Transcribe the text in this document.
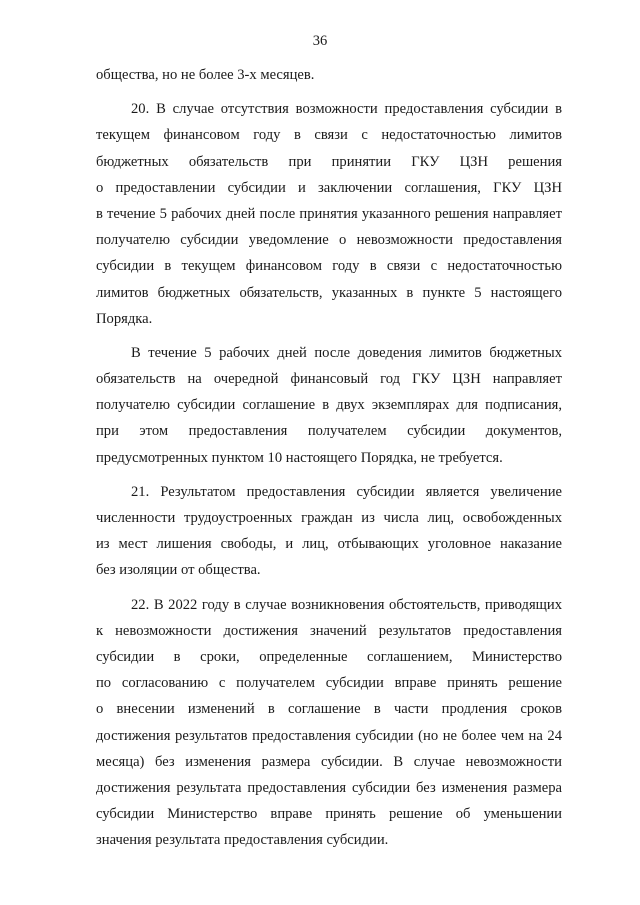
36
общества, но не более 3-х месяцев.
20. В случае отсутствия возможности предоставления субсидии в
текущем финансовом году в связи с недостаточностью лимитов
бюджетных обязательств при принятии ГКУ ЦЗН решения
о предоставлении субсидии и заключении соглашения, ГКУ ЦЗН
в течение 5 рабочих дней после принятия указанного решения направляет
получателю субсидии уведомление о невозможности предоставления
субсидии в текущем финансовом году в связи с недостаточностью
лимитов бюджетных обязательств, указанных в пункте 5 настоящего
Порядка.
В течение 5 рабочих дней после доведения лимитов бюджетных
обязательств на очередной финансовый год ГКУ ЦЗН направляет
получателю субсидии соглашение в двух экземплярах для подписания,
при этом предоставления получателем субсидии документов,
предусмотренных пунктом 10 настоящего Порядка, не требуется.
21. Результатом предоставления субсидии является увеличение
численности трудоустроенных граждан из числа лиц, освобожденных
из мест лишения свободы, и лиц, отбывающих уголовное наказание
без изоляции от общества.
22. В 2022 году в случае возникновения обстоятельств, приводящих
к невозможности достижения значений результатов предоставления
субсидии в сроки, определенные соглашением, Министерство
по согласованию с получателем субсидии вправе принять решение
о внесении изменений в соглашение в части продления сроков
достижения результатов предоставления субсидии (но не более чем на 24
месяца) без изменения размера субсидии. В случае невозможности
достижения результата предоставления субсидии без изменения размера
субсидии Министерство вправе принять решение об уменьшении
значения результата предоставления субсидии.
